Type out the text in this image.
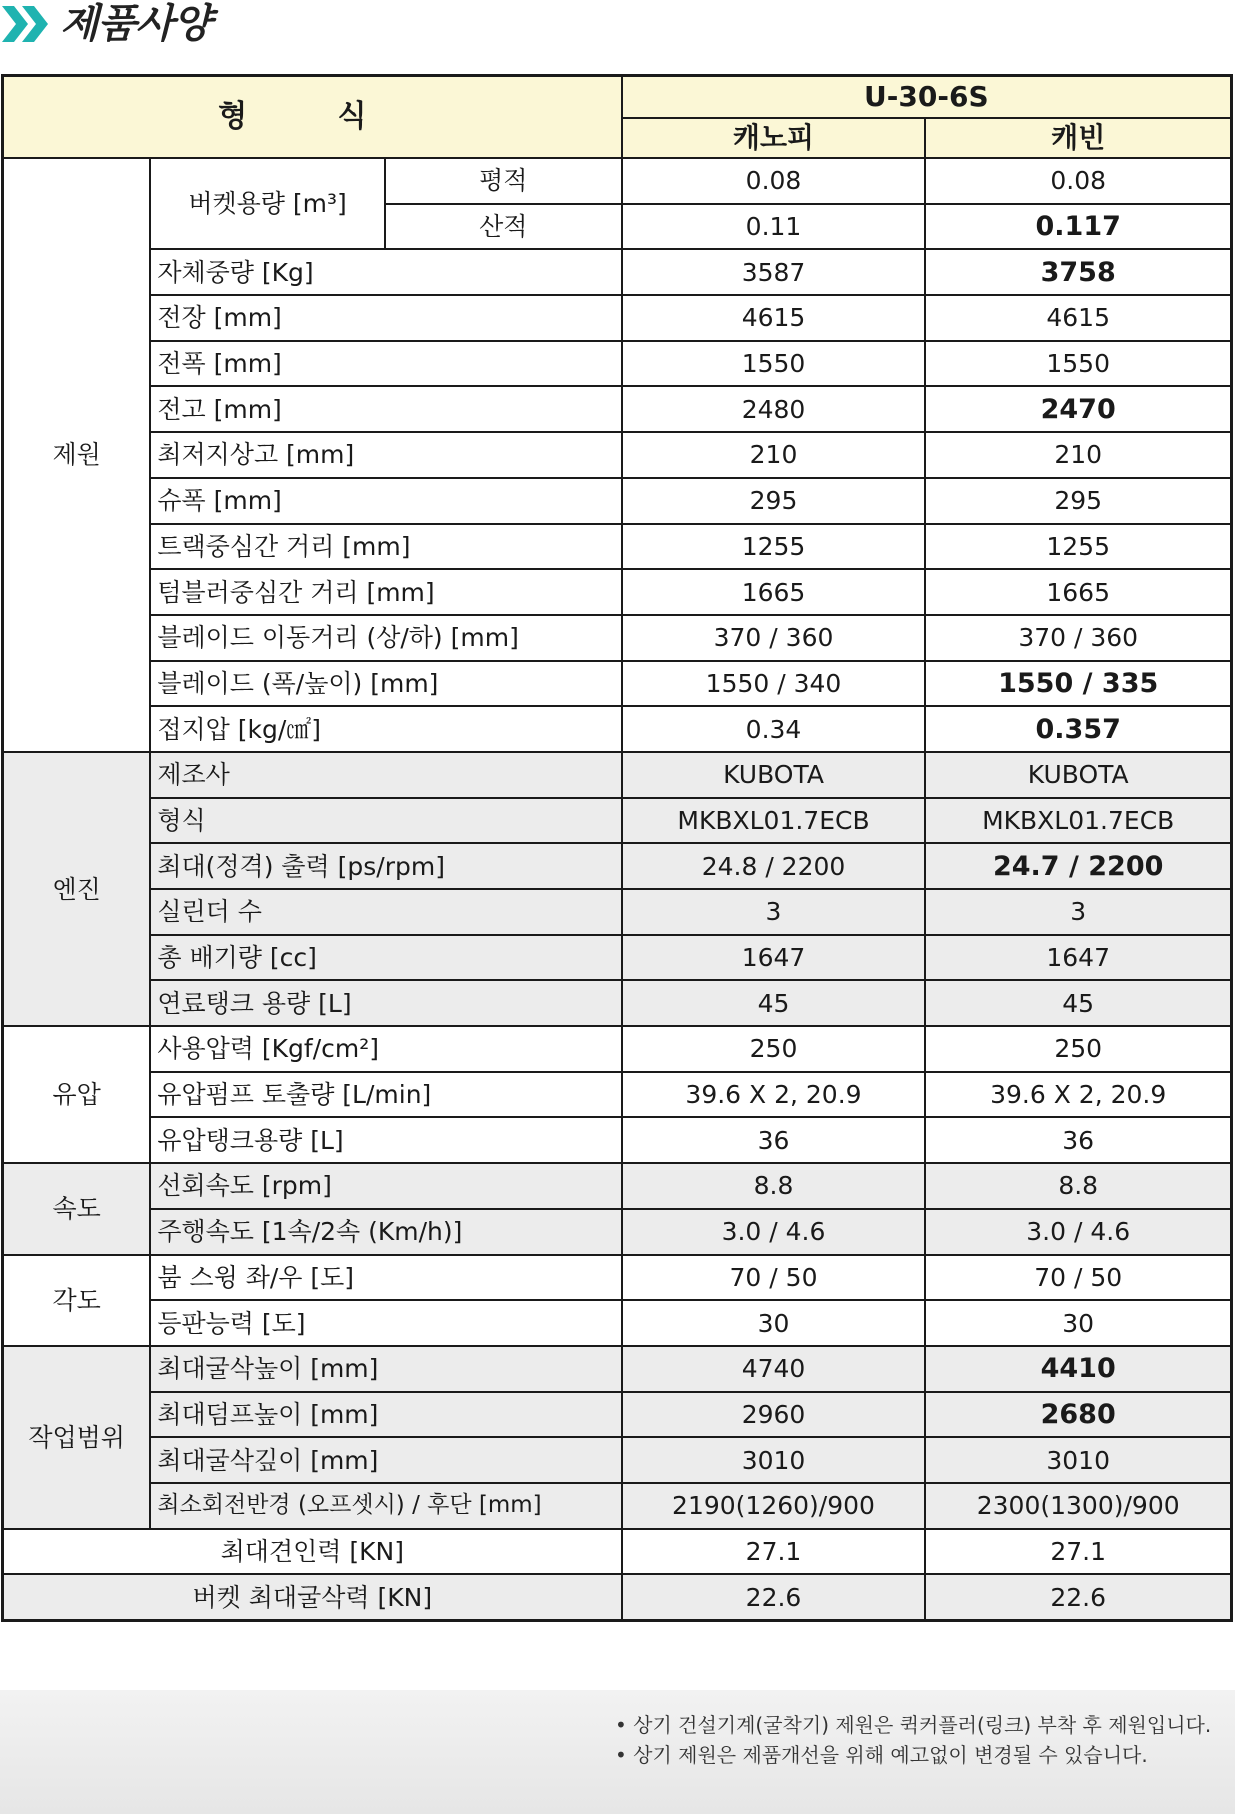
제품사양
형 식			U-30-6S	
			캐노피	캐빈
제원	버켓용량 [m³]	평적	0.08	0.08
		산적	0.11	0.117
	자체중량 [Kg]		3587	3758
	전장 [mm]		4615	4615
	전폭 [mm]		1550	1550
	전고 [mm]		2480	2470
	최저지상고 [mm]		210	210
	슈폭 [mm]		295	295
	트랙중심간 거리 [mm]		1255	1255
	텀블러중심간 거리 [mm]		1665	1665
	블레이드 이동거리 (상/하) [mm]		370 / 360	370 / 360
	블레이드 (폭/높이) [mm]		1550 / 340	1550 / 335
	접지압 [kg/㎠]		0.34	0.357
엔진	제조사		KUBOTA	KUBOTA
	형식		MKBXL01.7ECB	MKBXL01.7ECB
	최대(정격) 출력 [ps/rpm]		24.8 / 2200	24.7 / 2200
	실린더 수		3	3
	총 배기량 [cc]		1647	1647
	연료탱크 용량 [L]		45	45
유압	사용압력 [Kgf/cm²]		250	250
	유압펌프 토출량 [L/min]		39.6 X 2, 20.9	39.6 X 2, 20.9
	유압탱크용량 [L]		36	36
속도	선회속도 [rpm]		8.8	8.8
	주행속도 [1속/2속 (Km/h)]		3.0 / 4.6	3.0 / 4.6
각도	붐 스윙 좌/우 [도]		70 / 50	70 / 50
	등판능력 [도]		30	30
작업범위	최대굴삭높이 [mm]		4740	4410
	최대덤프높이 [mm]		2960	2680
	최대굴삭깊이 [mm]		3010	3010
	최소회전반경 (오프셋시) / 후단 [mm]		2190(1260)/900	2300(1300)/900
최대견인력 [KN]			27.1	27.1
버켓 최대굴삭력 [KN]			22.6	22.6
• 상기 건설기계(굴착기) 제원은 퀵커플러(링크) 부착 후 제원입니다.
• 상기 제원은 제품개선을 위해 예고없이 변경될 수 있습니다.
